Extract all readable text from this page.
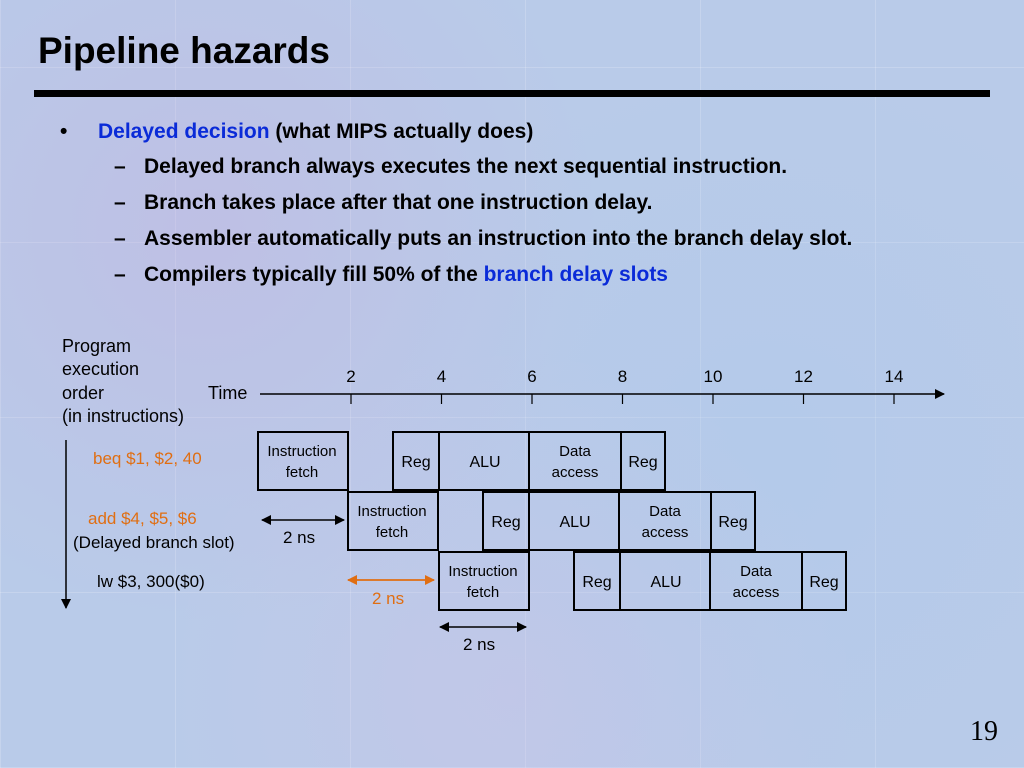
Pipeline hazards
• Delayed decision (what MIPS actually does)
– Delayed branch always executes the next sequential instruction.
– Branch takes place after that one instruction delay.
– Assembler automatically puts an instruction into the branch delay slot.
– Compilers typically fill 50% of the branch delay slots
Program
execution
order
(in instructions)
Time
2	4	6	8	10	12	14
beq $1, $2, 40
add $4, $5, $6
(Delayed branch slot)
lw $3, 300($0)
Instruction
fetch
Reg ALU
Data
access
Reg
Instruction
fetch
Reg ALU
Data
access
Reg
Instruction
fetch
Reg ALU
Data
access
Reg
2 ns
2 ns
2 ns
19
